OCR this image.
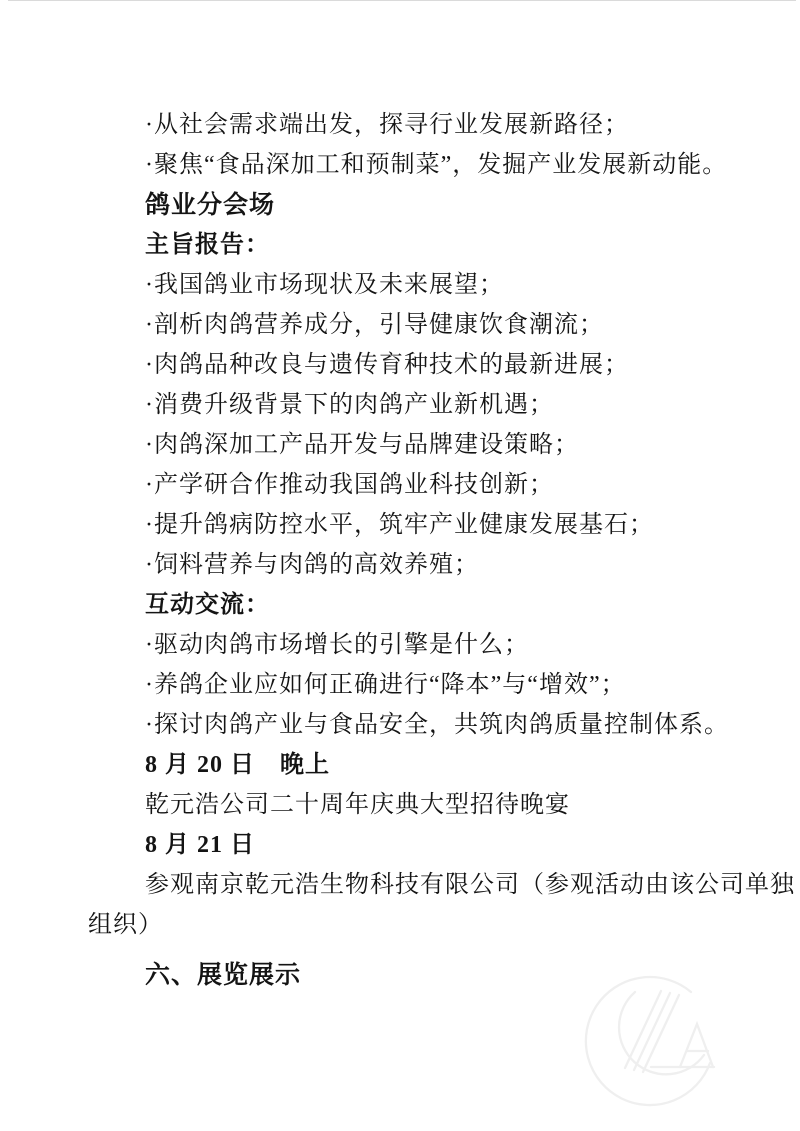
·从社会需求端出发，探寻行业发展新路径；

·聚焦“食品深加工和预制菜”，发掘产业发展新动能。

鸽业分会场

主旨报告：

·我国鸽业市场现状及未来展望；

·剖析肉鸽营养成分，引导健康饮食潮流；

·肉鸽品种改良与遗传育种技术的最新进展；

·消费升级背景下的肉鸽产业新机遇；

·肉鸽深加工产品开发与品牌建设策略；

·产学研合作推动我国鸽业科技创新；

·提升鸽病防控水平，筑牢产业健康发展基石；

·饲料营养与肉鸽的高效养殖；

互动交流：

·驱动肉鸽市场增长的引擎是什么；

·养鸽企业应如何正确进行“降本”与“增效”；

·探讨肉鸽产业与食品安全，共筑肉鸽质量控制体系。

8 月 20 日　晚上

乾元浩公司二十周年庆典大型招待晚宴

8 月 21 日

参观南京乾元浩生物科技有限公司（参观活动由该公司单独

组织）

六、展览展示
